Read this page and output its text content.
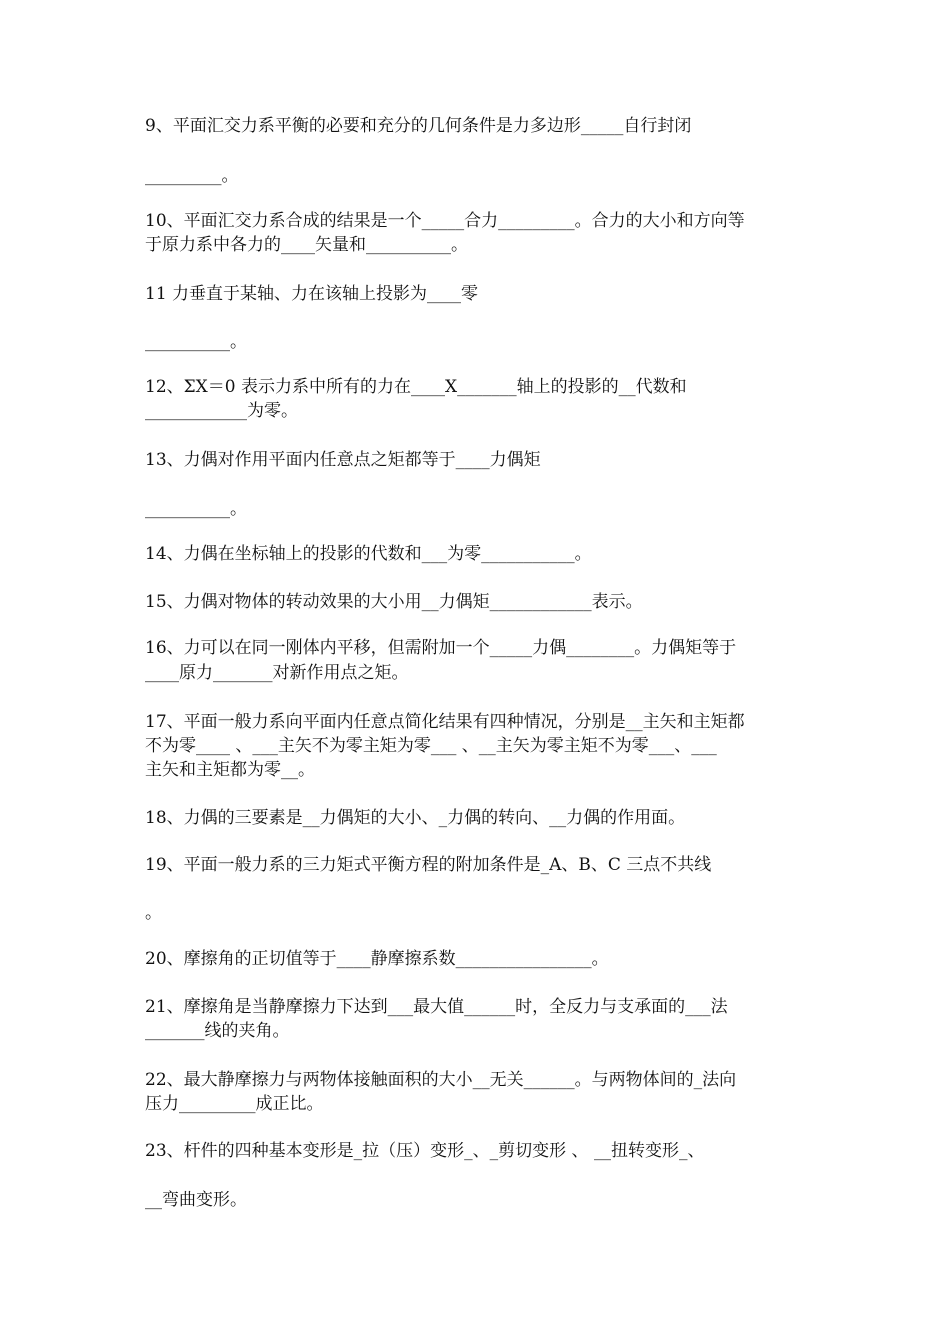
9、平面汇交力系平衡的必要和充分的几何条件是力多边形_____自行封闭
_________。
10、平面汇交力系合成的结果是一个_____合力_________。合力的大小和方向等
于原力系中各力的____矢量和__________。
11 力垂直于某轴、力在该轴上投影为____零
__________。
12、ΣX＝0 表示力系中所有的力在____X_______轴上的投影的__代数和
____________为零。
13、力偶对作用平面内任意点之矩都等于____力偶矩
__________。
14、力偶在坐标轴上的投影的代数和___为零___________。
15、力偶对物体的转动效果的大小用__力偶矩____________表示。
16、力可以在同一刚体内平移，但需附加一个_____力偶________。力偶矩等于
____原力_______对新作用点之矩。
17、平面一般力系向平面内任意点简化结果有四种情况，分别是__主矢和主矩都
不为零____ 、___主矢不为零主矩为零___ 、__主矢为零主矩不为零___、___
主矢和主矩都为零__。
18、力偶的三要素是__力偶矩的大小、_力偶的转向、__力偶的作用面。
19、平面一般力系的三力矩式平衡方程的附加条件是_A、B、C 三点不共线
。
20、摩擦角的正切值等于____静摩擦系数________________。
21、摩擦角是当静摩擦力下达到___最大值______时，全反力与支承面的___法
_______线的夹角。
22、最大静摩擦力与两物体接触面积的大小__无关______。与两物体间的_法向
压力_________成正比。
23、杆件的四种基本变形是_拉（压）变形_、_剪切变形 、 __扭转变形_、
__弯曲变形。
